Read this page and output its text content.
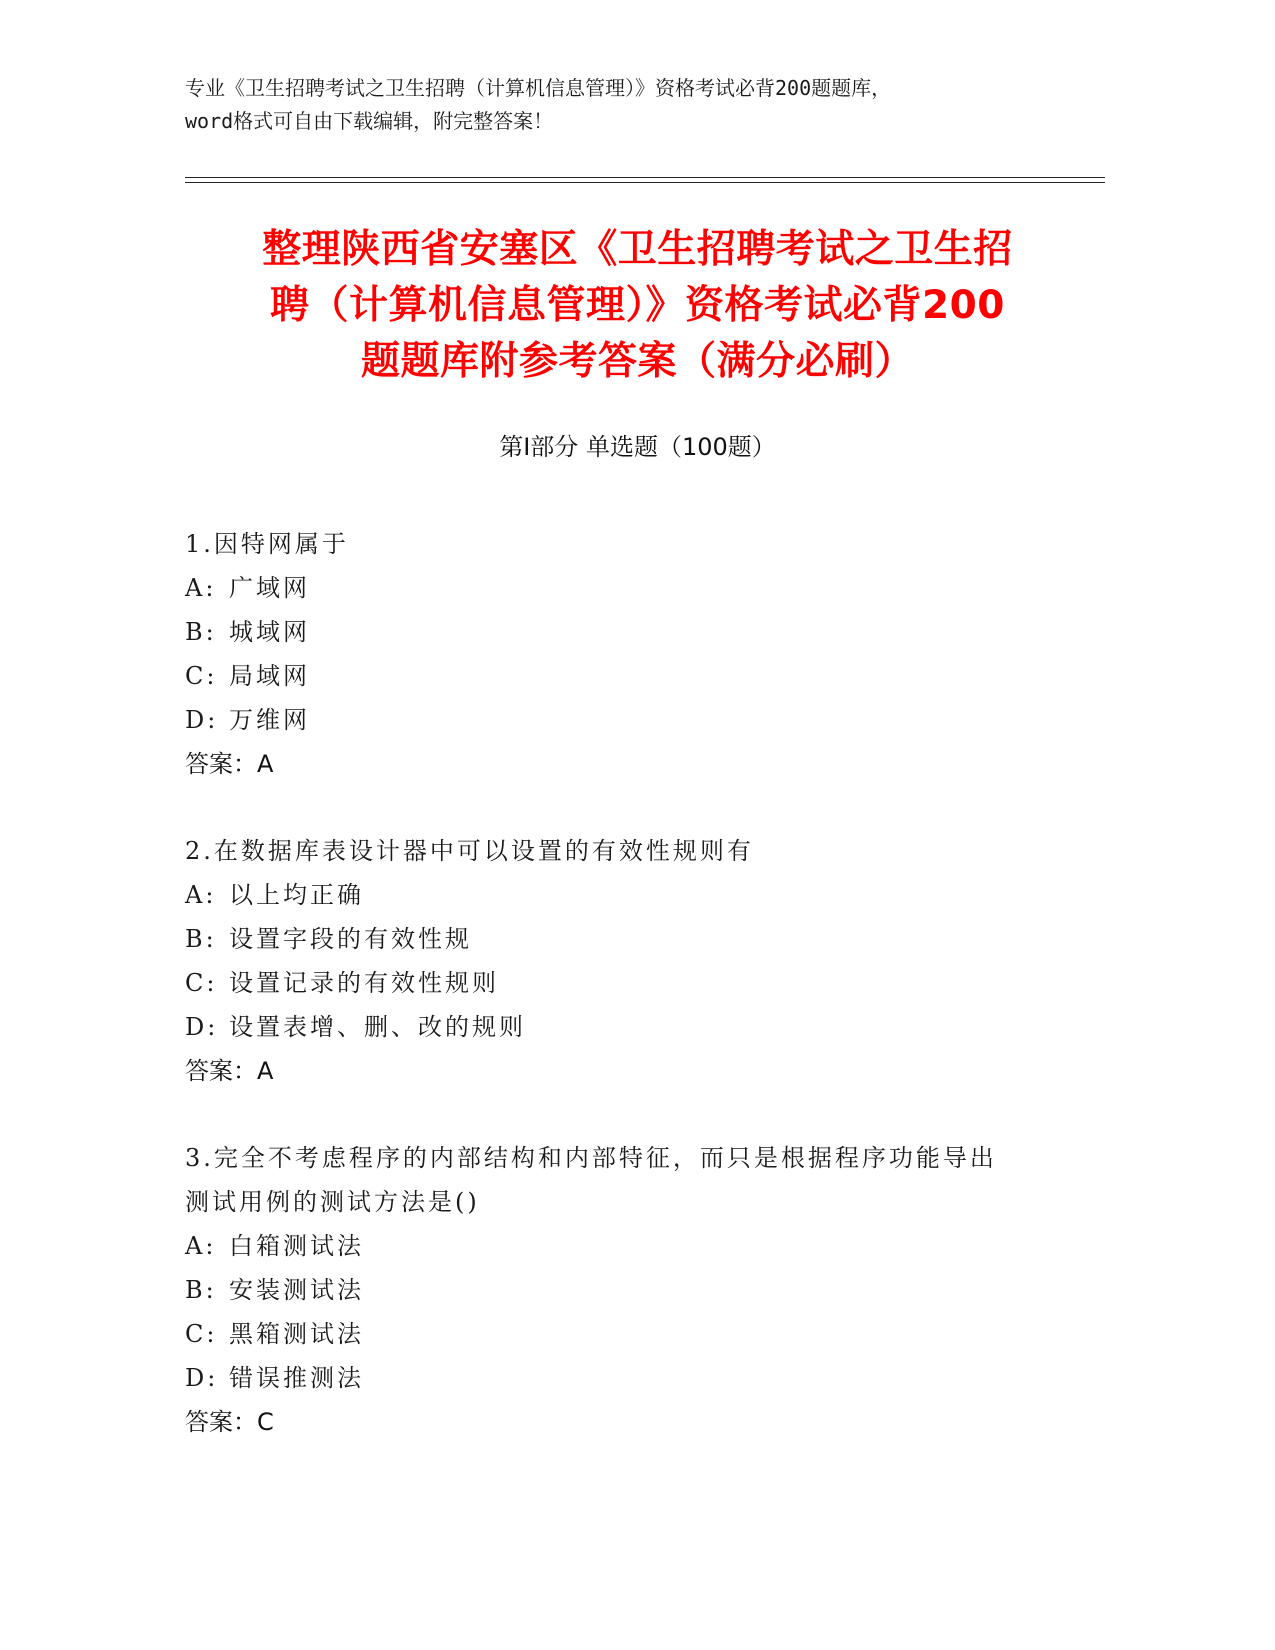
专业《卫生招聘考试之卫生招聘（计算机信息管理）》资格考试必背200题题库，
word格式可自由下载编辑，附完整答案！
整理陕西省安塞区《卫生招聘考试之卫生招
聘（计算机信息管理）》资格考试必背200
题题库附参考答案（满分必刷）
第Ⅰ部分 单选题（100题）
1.因特网属于
A: 广域网
B: 城域网
C: 局域网
D: 万维网
答案：A
2.在数据库表设计器中可以设置的有效性规则有
A: 以上均正确
B: 设置字段的有效性规
C: 设置记录的有效性规则
D: 设置表增、删、改的规则
答案：A
3.完全不考虑程序的内部结构和内部特征，而只是根据程序功能导出
测试用例的测试方法是()
A: 白箱测试法
B: 安装测试法
C: 黑箱测试法
D: 错误推测法
答案：C
